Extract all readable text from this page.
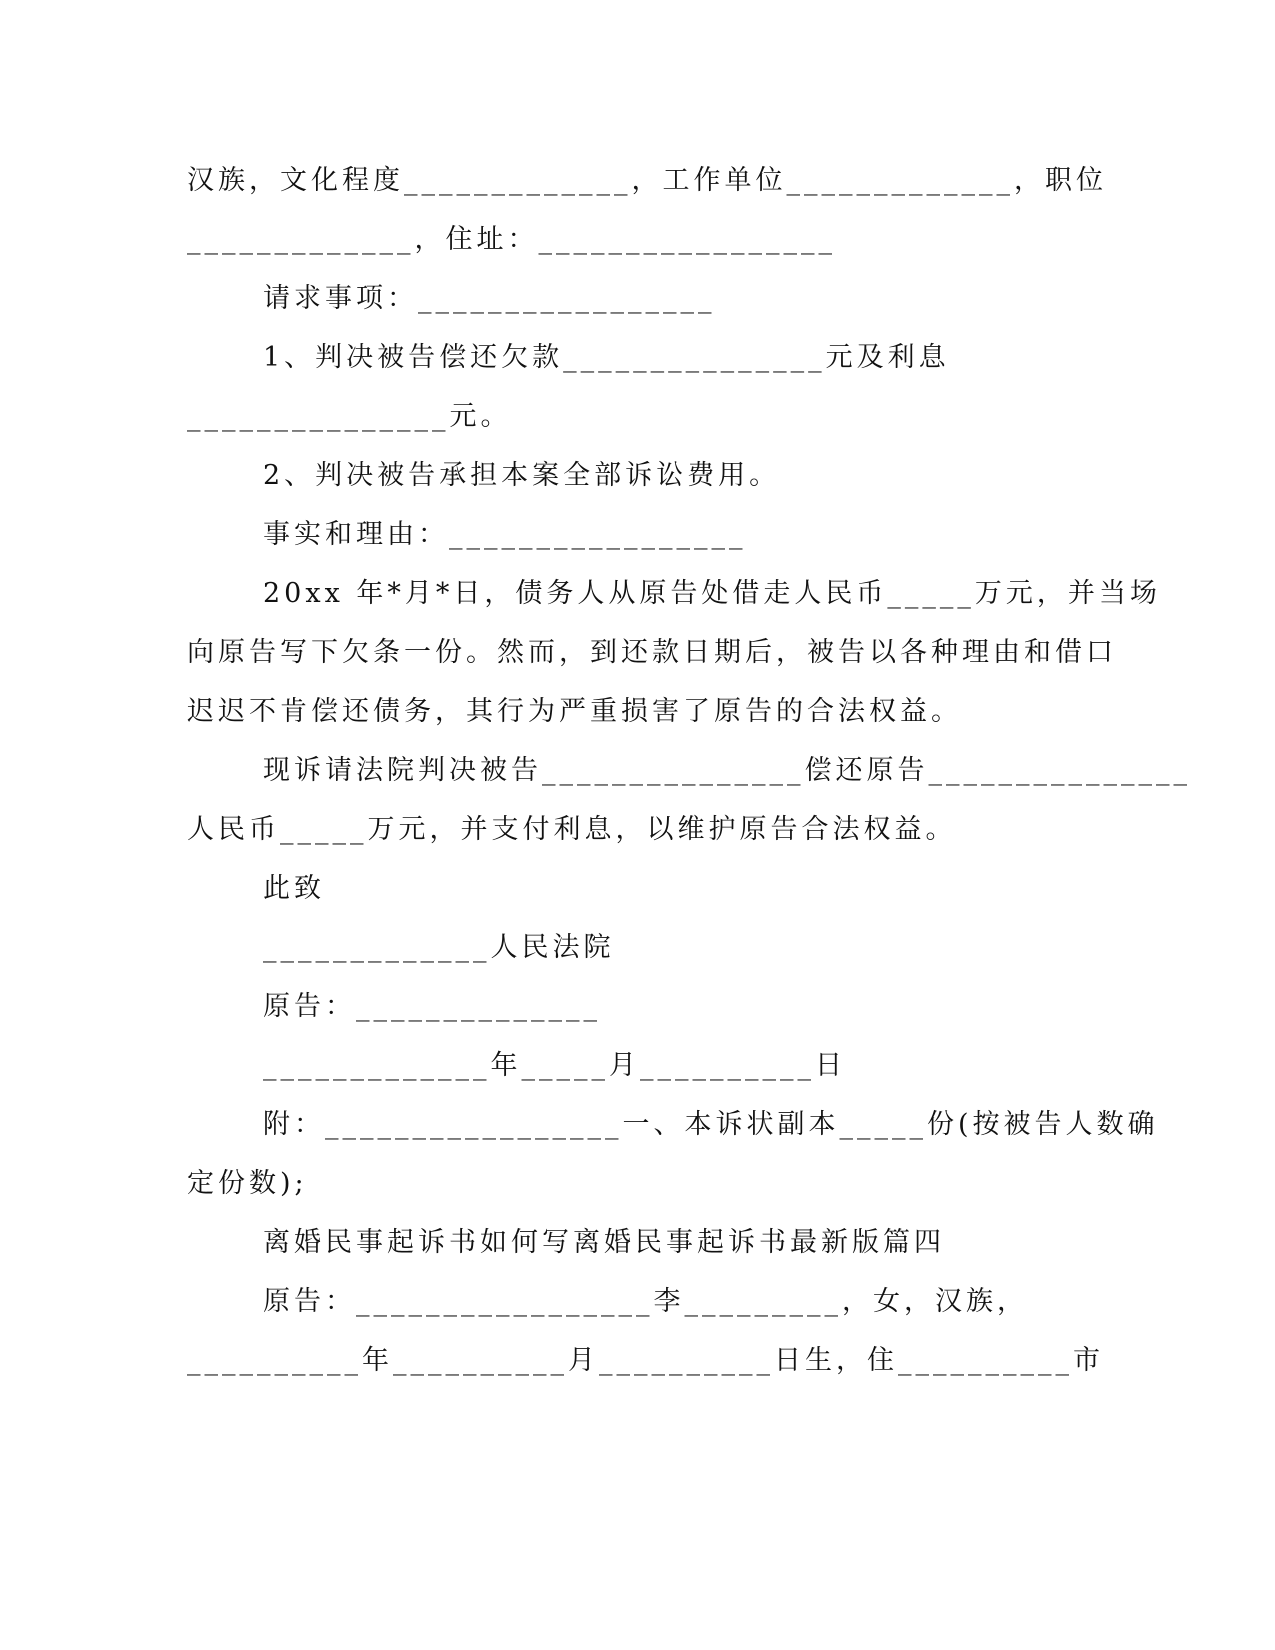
汉族，文化程度_____________，工作单位_____________，职位
_____________，住址：_________________
请求事项：_________________
1、判决被告偿还欠款_______________元及利息
_______________元。
2、判决被告承担本案全部诉讼费用。
事实和理由：_________________
20xx 年*月*日，债务人从原告处借走人民币_____万元，并当场
向原告写下欠条一份。然而，到还款日期后，被告以各种理由和借口
迟迟不肯偿还债务，其行为严重损害了原告的合法权益。
现诉请法院判决被告_______________偿还原告_______________
人民币_____万元，并支付利息，以维护原告合法权益。
此致
_____________人民法院
原告：______________
_____________年_____月__________日
附：_________________一、本诉状副本_____份(按被告人数确
定份数);
离婚民事起诉书如何写离婚民事起诉书最新版篇四
原告：_________________李_________，女，汉族，
__________年__________月__________日生，住__________市
